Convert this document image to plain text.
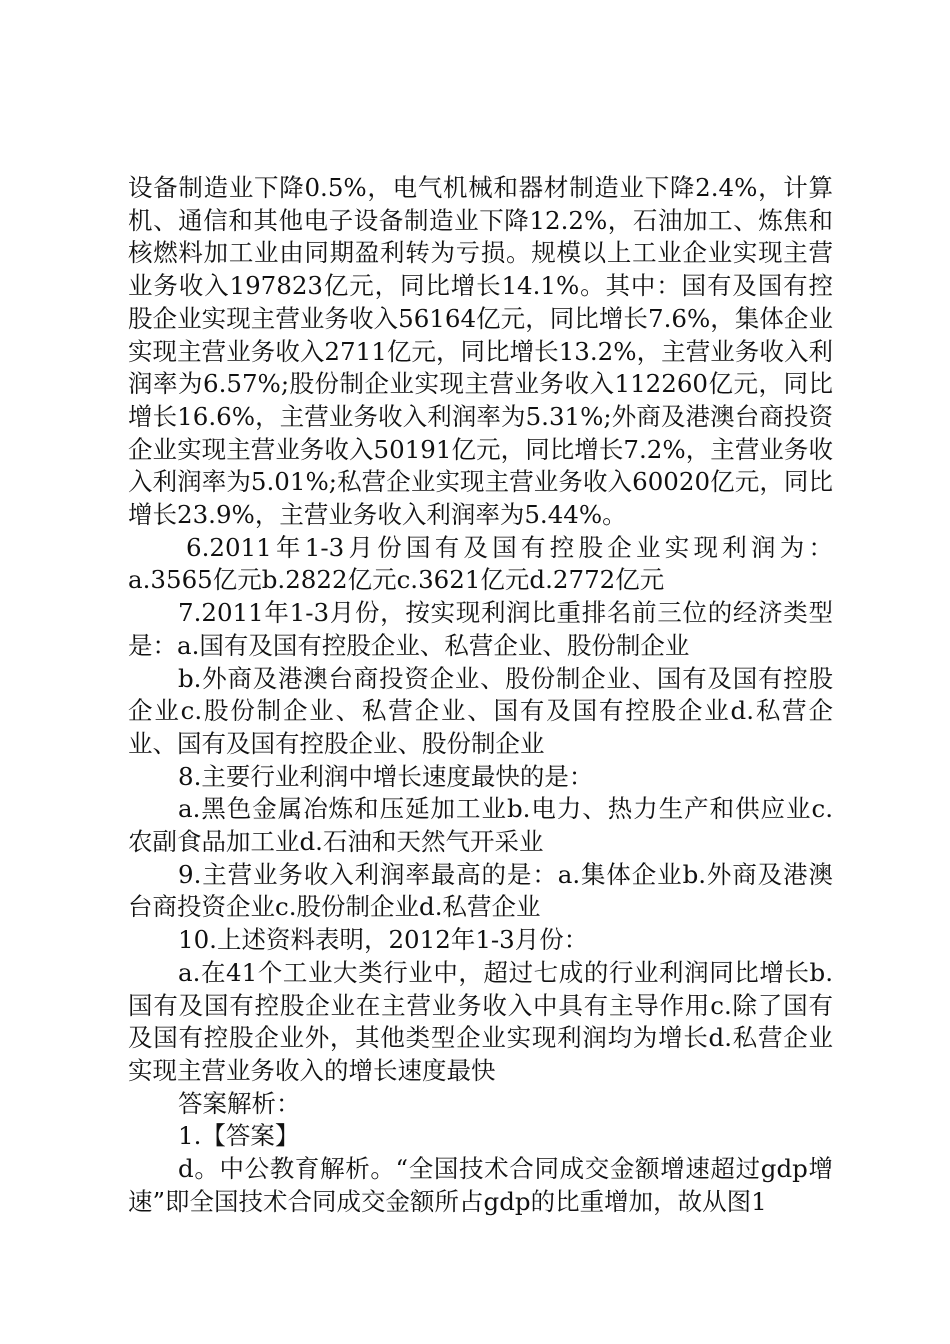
设备制造业下降0.5%，电气机械和器材制造业下降2.4%，计算机、通信和其他电子设备制造业下降12.2%，石油加工、炼焦和核燃料加工业由同期盈利转为亏损。规模以上工业企业实现主营业务收入197823亿元，同比增长14.1%。其中：国有及国有控股企业实现主营业务收入56164亿元，同比增长7.6%，集体企业实现主营业务收入2711亿元，同比增长13.2%，主营业务收入利润率为6.57%;股份制企业实现主营业务收入112260亿元，同比增长16.6%，主营业务收入利润率为5.31%;外商及港澳台商投资企业实现主营业务收入50191亿元，同比增长7.2%，主营业务收入利润率为5.01%;私营企业实现主营业务收入60020亿元，同比增长23.9%，主营业务收入利润率为5.44%。

6.2011年1-3月份国有及国有控股企业实现利润为：a.3565亿元b.2822亿元c.3621亿元d.2772亿元

7.2011年1-3月份，按实现利润比重排名前三位的经济类型是：a.国有及国有控股企业、私营企业、股份制企业

b.外商及港澳台商投资企业、股份制企业、国有及国有控股企业c.股份制企业、私营企业、国有及国有控股企业d.私营企业、国有及国有控股企业、股份制企业

8.主要行业利润中增长速度最快的是：

a.黑色金属冶炼和压延加工业b.电力、热力生产和供应业c.农副食品加工业d.石油和天然气开采业

9.主营业务收入利润率最高的是：a.集体企业b.外商及港澳台商投资企业c.股份制企业d.私营企业

10.上述资料表明，2012年1-3月份：

a.在41个工业大类行业中，超过七成的行业利润同比增长b.国有及国有控股企业在主营业务收入中具有主导作用c.除了国有及国有控股企业外，其他类型企业实现利润均为增长d.私营企业实现主营业务收入的增长速度最快

答案解析：

1.【答案】

d。中公教育解析。“全国技术合同成交金额增速超过gdp增速”即全国技术合同成交金额所占gdp的比重增加，故从图1
